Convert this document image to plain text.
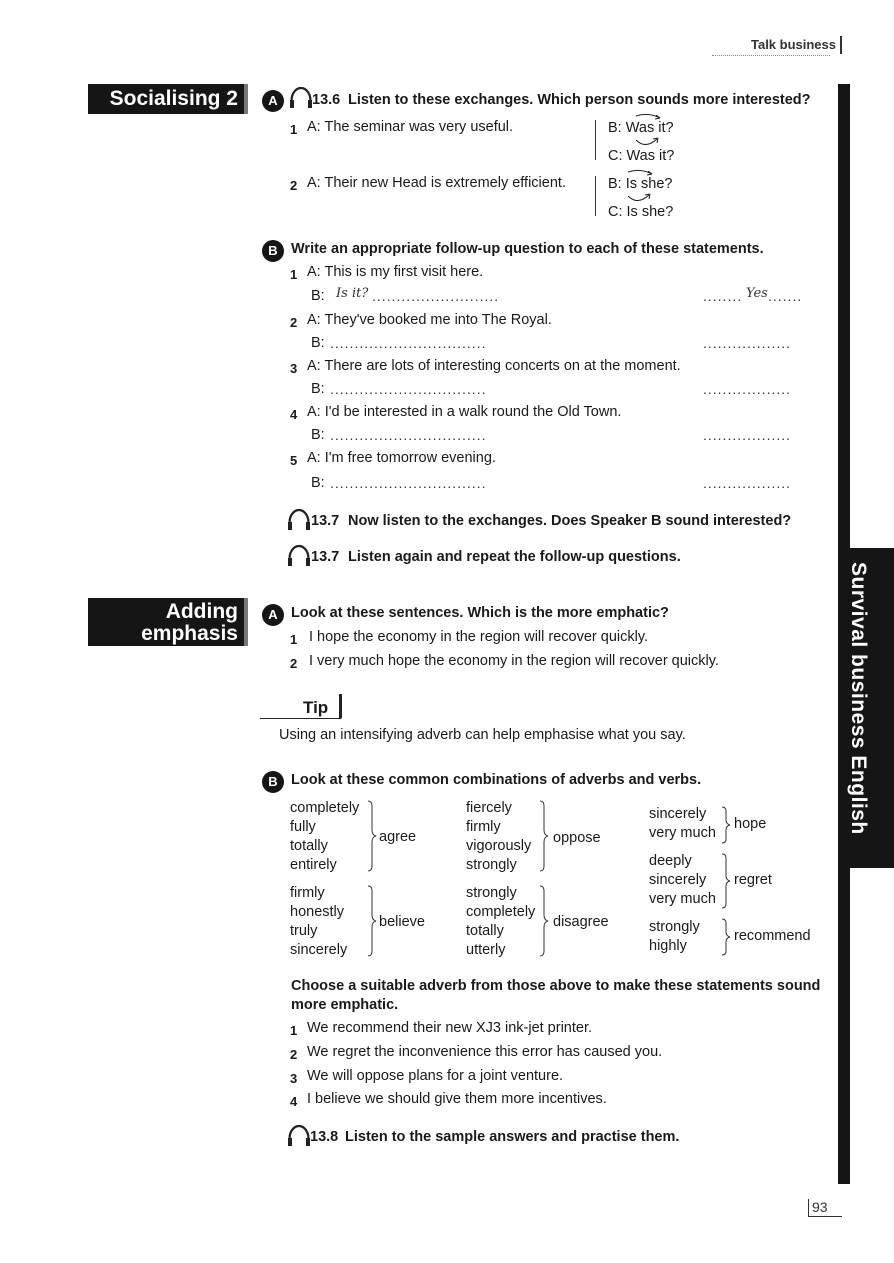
Talk business
Survival business English
Socialising 2	A	13.6 Listen to these exchanges. Which person sounds more interested?
1 A: The seminar was very useful.	B: Was it?
C: Was it?
2 A: Their new Head is extremely efficient.	B: Is she?
C: Is she?
B Write an appropriate follow-up question to each of these statements.
1 A: This is my first visit here.
B: Is it? ..........................	........ Yes .......
2 A: They've booked me into The Royal.
B: ................................	..................
3 A: There are lots of interesting concerts on at the moment.
B: ................................	..................
4 A: I'd be interested in a walk round the Old Town.
B: ................................	..................
5 A: I'm free tomorrow evening.
B: ................................	..................
13.7 Now listen to the exchanges. Does Speaker B sound interested?
13.7 Listen again and repeat the follow-up questions.
Adding
emphasis
A Look at these sentences. Which is the more emphatic?
1 I hope the economy in the region will recover quickly.
2 I very much hope the economy in the region will recover quickly.
Tip
Using an intensifying adverb can help emphasise what you say.
B Look at these common combinations of adverbs and verbs.
completely
fully
totally
entirely
agree
firmly
honestly
truly
sincerely
believe
fiercely
firmly
vigorously
strongly
oppose
strongly
completely
totally
utterly
disagree
sincerely
very much
hope
deeply
sincerely
very much
regret
strongly
highly
recommend
Choose a suitable adverb from those above to make these statements sound
more emphatic.
1 We recommend their new XJ3 ink-jet printer.
2 We regret the inconvenience this error has caused you.
3 We will oppose plans for a joint venture.
4 I believe we should give them more incentives.
13.8 Listen to the sample answers and practise them.
93
